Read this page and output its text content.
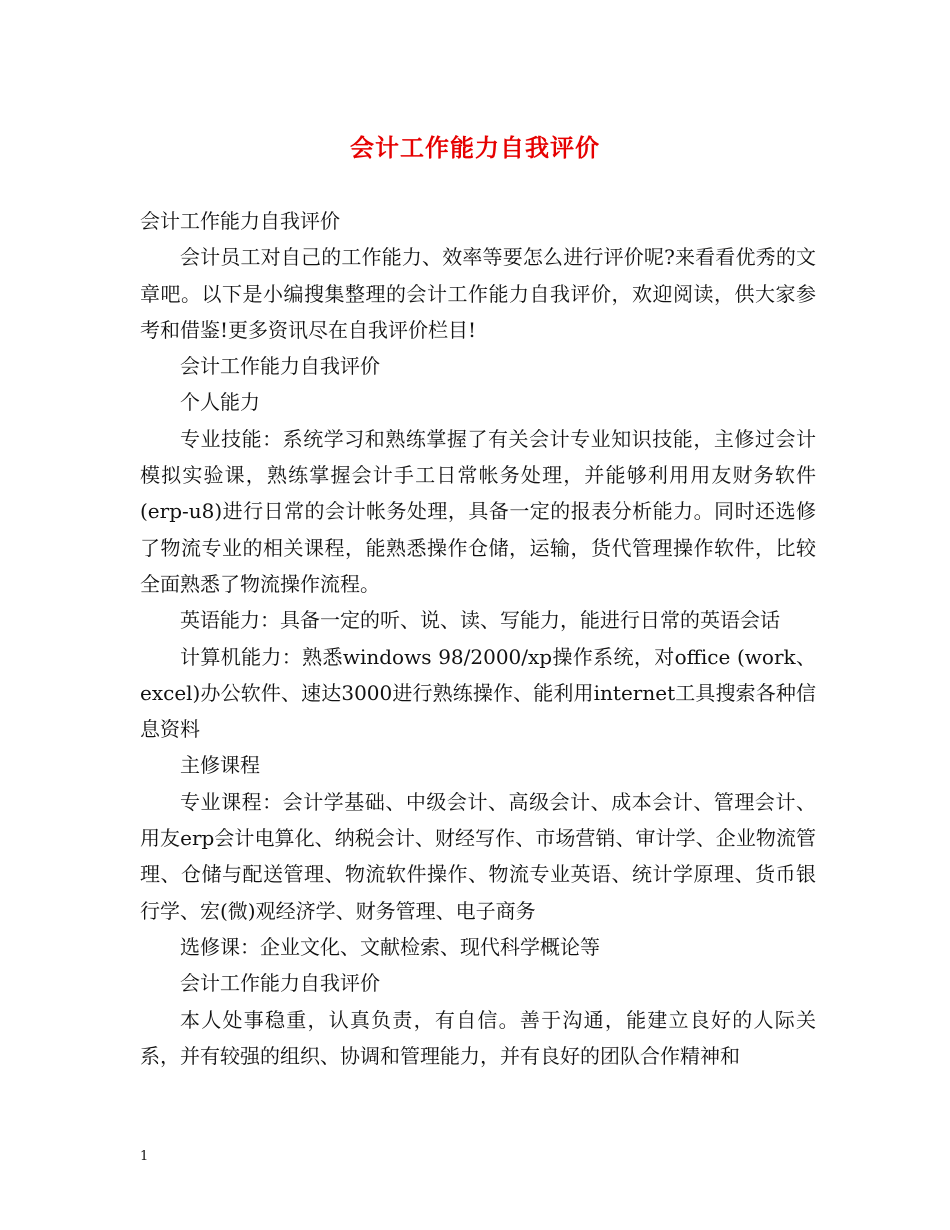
会计工作能力自我评价

会计工作能力自我评价

会计员工对自己的工作能力、效率等要怎么进行评价呢?来看看优秀的文章吧。以下是小编搜集整理的会计工作能力自我评价，欢迎阅读，供大家参考和借鉴!更多资讯尽在自我评价栏目!

会计工作能力自我评价

个人能力

专业技能：系统学习和熟练掌握了有关会计专业知识技能，主修过会计模拟实验课，熟练掌握会计手工日常帐务处理，并能够利用用友财务软件 (erp-u8)进行日常的会计帐务处理，具备一定的报表分析能力。同时还选修了物流专业的相关课程，能熟悉操作仓储，运输，货代管理操作软件，比较全面熟悉了物流操作流程。

英语能力：具备一定的听、说、读、写能力，能进行日常的英语会话

计算机能力：熟悉windows 98/2000/xp操作系统，对office (work、excel)办公软件、速达3000进行熟练操作、能利用internet工具搜索各种信息资料

主修课程

专业课程：会计学基础、中级会计、高级会计、成本会计、管理会计、用友erp会计电算化、纳税会计、财经写作、市场营销、审计学、企业物流管理、仓储与配送管理、物流软件操作、物流专业英语、统计学原理、货币银行学、宏(微)观经济学、财务管理、电子商务

选修课：企业文化、文献检索、现代科学概论等

会计工作能力自我评价

本人处事稳重，认真负责，有自信。善于沟通，能建立良好的人际关系，并有较强的组织、协调和管理能力，并有良好的团队合作精神和

1
